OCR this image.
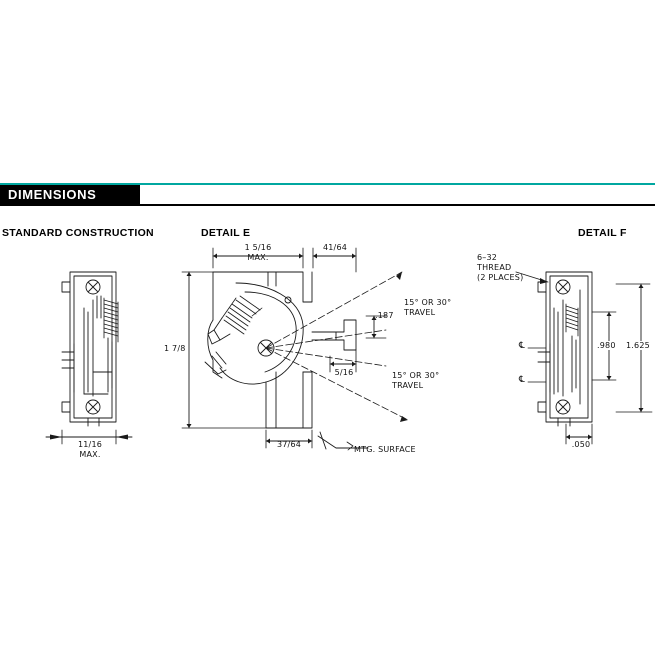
DIMENSIONS
STANDARD CONSTRUCTION	DETAIL E	DETAIL F
11/16
MAX.
1 5/16
MAX.
41/64
1 7/8
37/64
5/16
.187
15° OR 30°
TRAVEL
15° OR 30°
TRAVEL
MTG. SURFACE
6–32
THREAD
(2 PLACES)
℄
℄
.050
.980 1.625
